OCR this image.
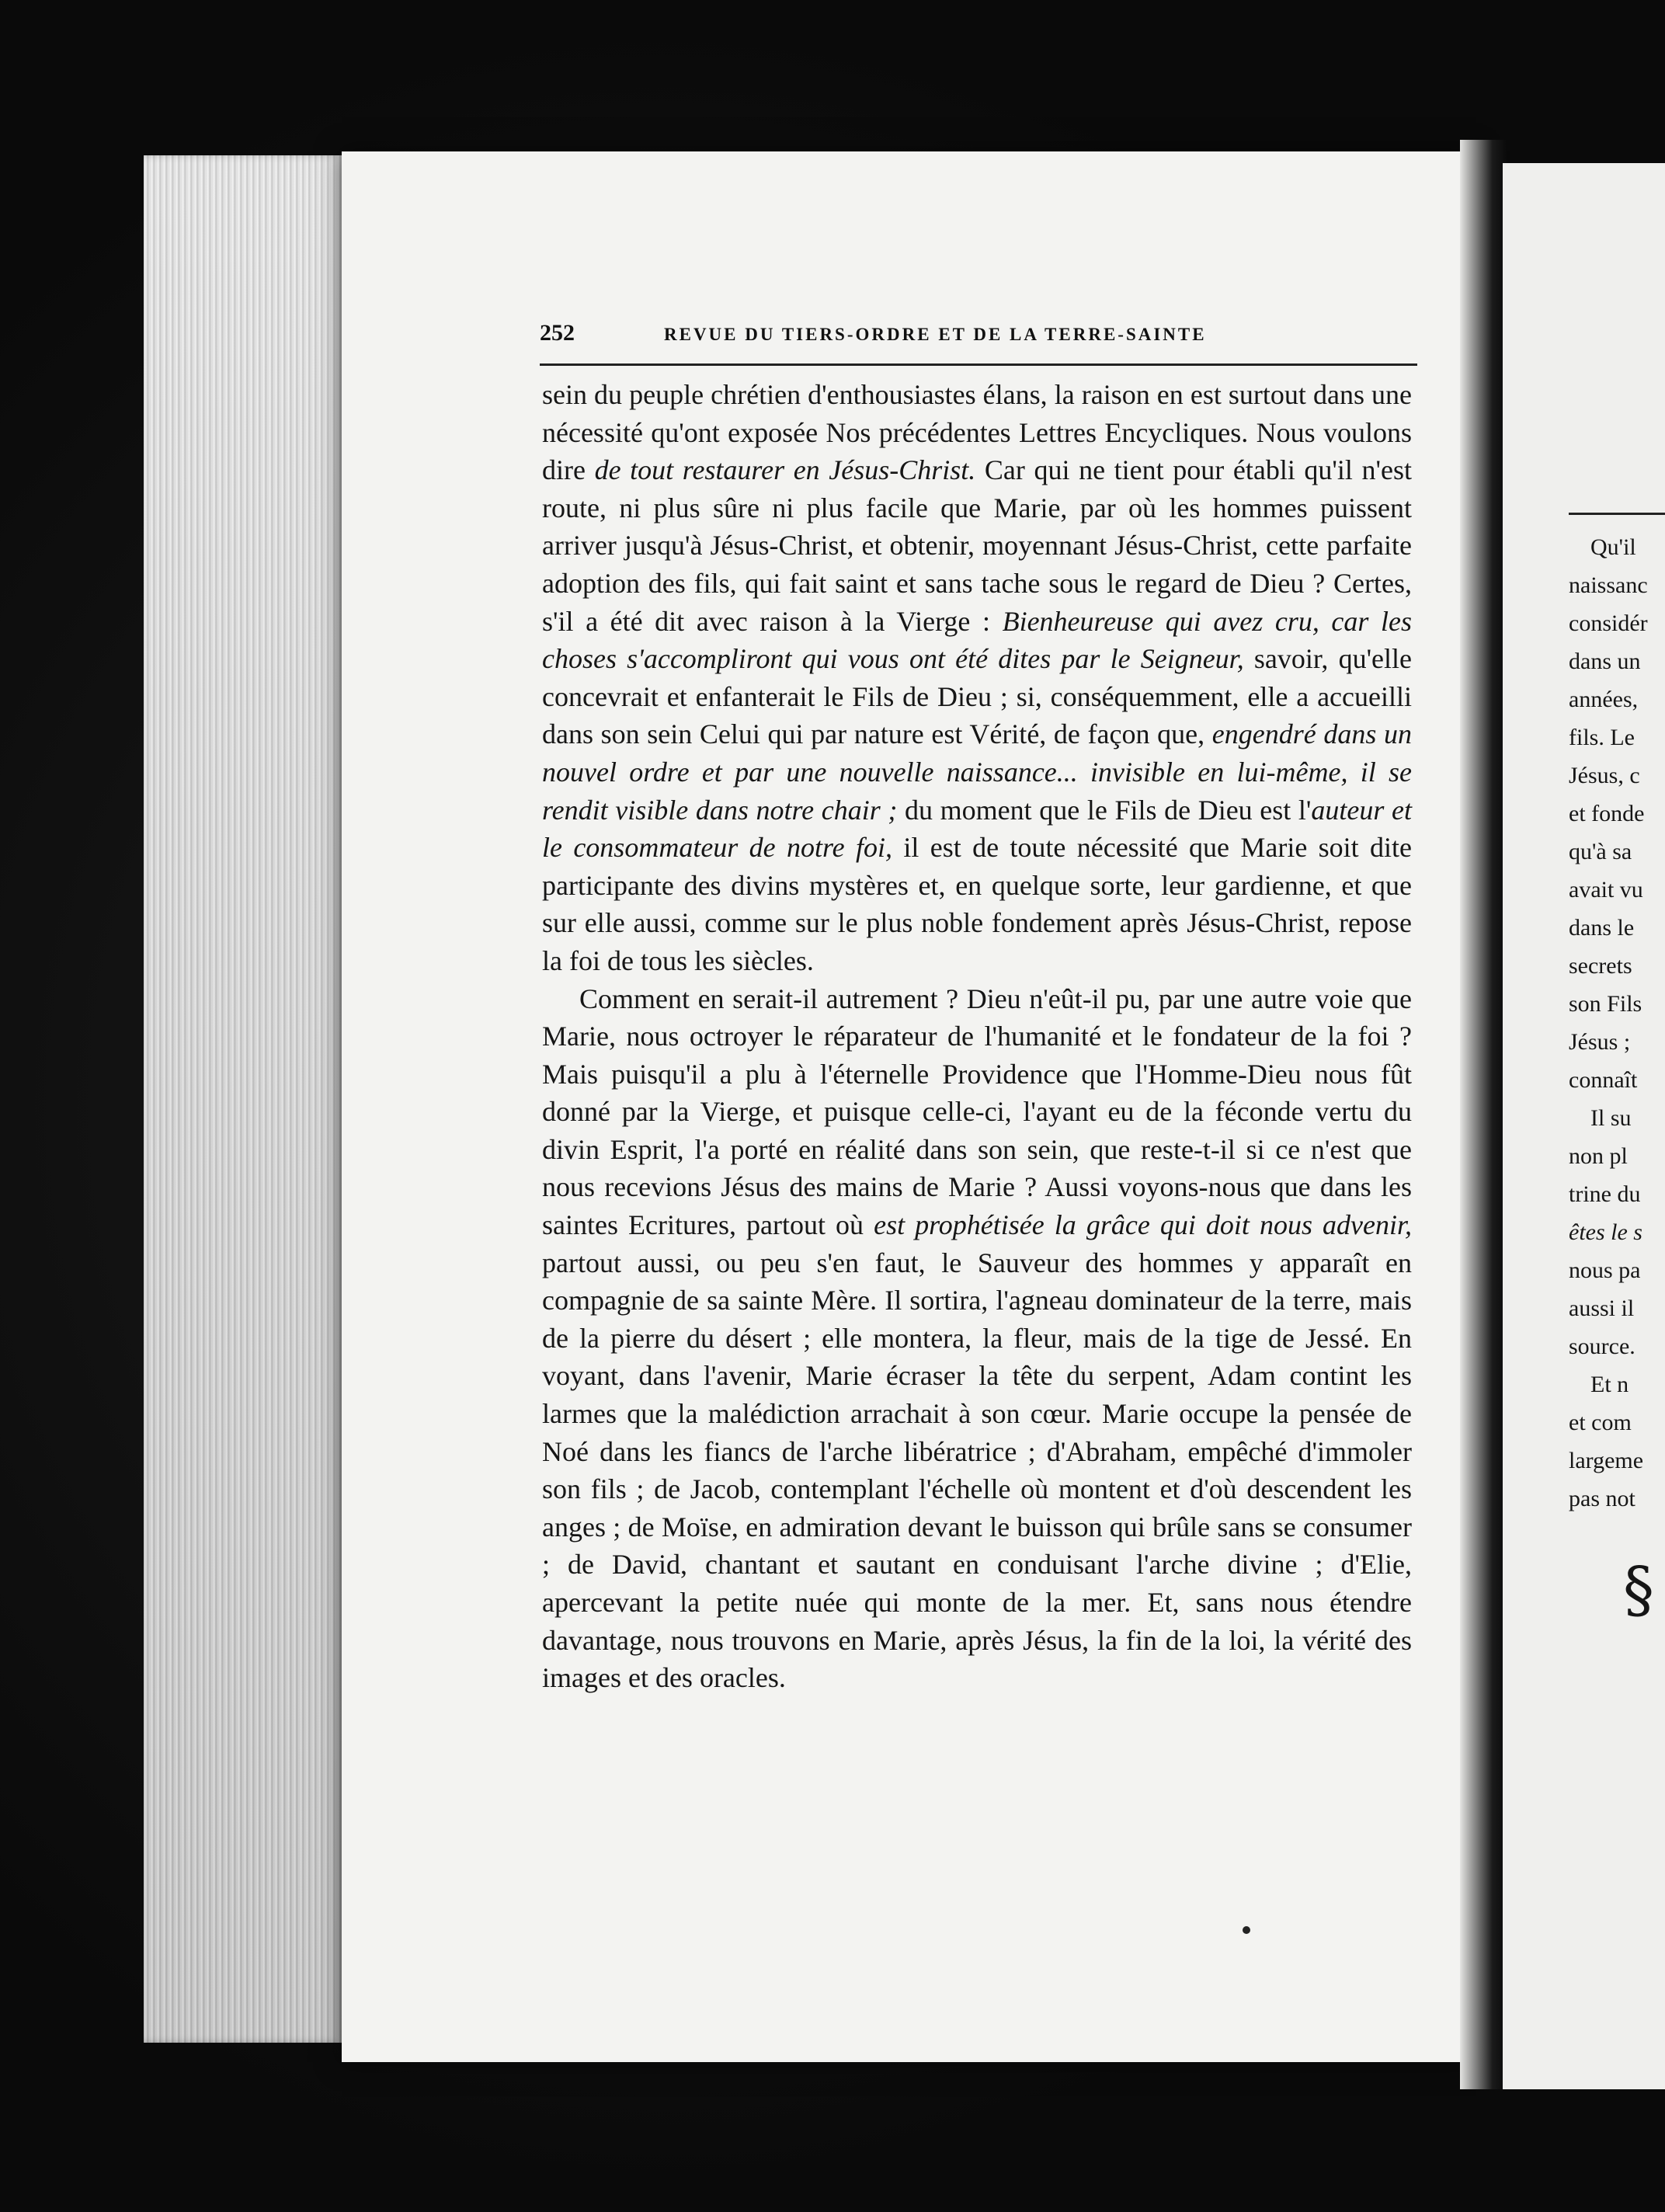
Qu'il
naissanc
considér
dans un
années,
fils. Le
Jésus, c
et fonde
qu'à sa
avait vu
dans le
secrets
son Fils
Jésus ;
connaît
Il su
non pl
trine du
êtes le s
nous pa
aussi il
source.
Et n
et com
largeme
pas not
§
252	REVUE DU TIERS-ORDRE ET DE LA TERRE-SAINTE

sein du peuple chrétien d'enthousiastes élans, la raison en est surtout dans une nécessité qu'ont exposée Nos précédentes Lettres Encycliques. Nous voulons dire de tout restaurer en Jésus-Christ. Car qui ne tient pour établi qu'il n'est route, ni plus sûre ni plus facile que Marie, par où les hommes puissent arriver jusqu'à Jésus-Christ, et obtenir, moyennant Jésus-Christ, cette parfaite adoption des fils, qui fait saint et sans tache sous le regard de Dieu ? Certes, s'il a été dit avec raison à la Vierge : Bienheureuse qui avez cru, car les choses s'accompliront qui vous ont été dites par le Seigneur, savoir, qu'elle concevrait et enfanterait le Fils de Dieu ; si, conséquemment, elle a accueilli dans son sein Celui qui par nature est Vérité, de façon que, engendré dans un nouvel ordre et par une nouvelle naissance... invisible en lui-même, il se rendit visible dans notre chair ; du moment que le Fils de Dieu est l'auteur et le consommateur de notre foi, il est de toute nécessité que Marie soit dite participante des divins mystères et, en quelque sorte, leur gardienne, et que sur elle aussi, comme sur le plus noble fondement après Jésus-Christ, repose la foi de tous les siècles.

Comment en serait-il autrement ? Dieu n'eût-il pu, par une autre voie que Marie, nous octroyer le réparateur de l'humanité et le fondateur de la foi ? Mais puisqu'il a plu à l'éternelle Providence que l'Homme-Dieu nous fût donné par la Vierge, et puisque celle-ci, l'ayant eu de la féconde vertu du divin Esprit, l'a porté en réalité dans son sein, que reste-t-il si ce n'est que nous recevions Jésus des mains de Marie ? Aussi voyons-nous que dans les saintes Ecritures, partout où est prophétisée la grâce qui doit nous advenir, partout aussi, ou peu s'en faut, le Sauveur des hommes y apparaît en compagnie de sa sainte Mère. Il sortira, l'agneau dominateur de la terre, mais de la pierre du désert ; elle montera, la fleur, mais de la tige de Jessé. En voyant, dans l'avenir, Marie écraser la tête du serpent, Adam contint les larmes que la malédiction arrachait à son cœur. Marie occupe la pensée de Noé dans les fiancs de l'arche libératrice ; d'Abraham, empêché d'immoler son fils ; de Jacob, contemplant l'échelle où montent et d'où descendent les anges ; de Moïse, en admiration devant le buisson qui brûle sans se consumer ; de David, chantant et sautant en conduisant l'arche divine ; d'Elie, apercevant la petite nuée qui monte de la mer. Et, sans nous étendre davantage, nous trouvons en Marie, après Jésus, la fin de la loi, la vérité des images et des oracles.
